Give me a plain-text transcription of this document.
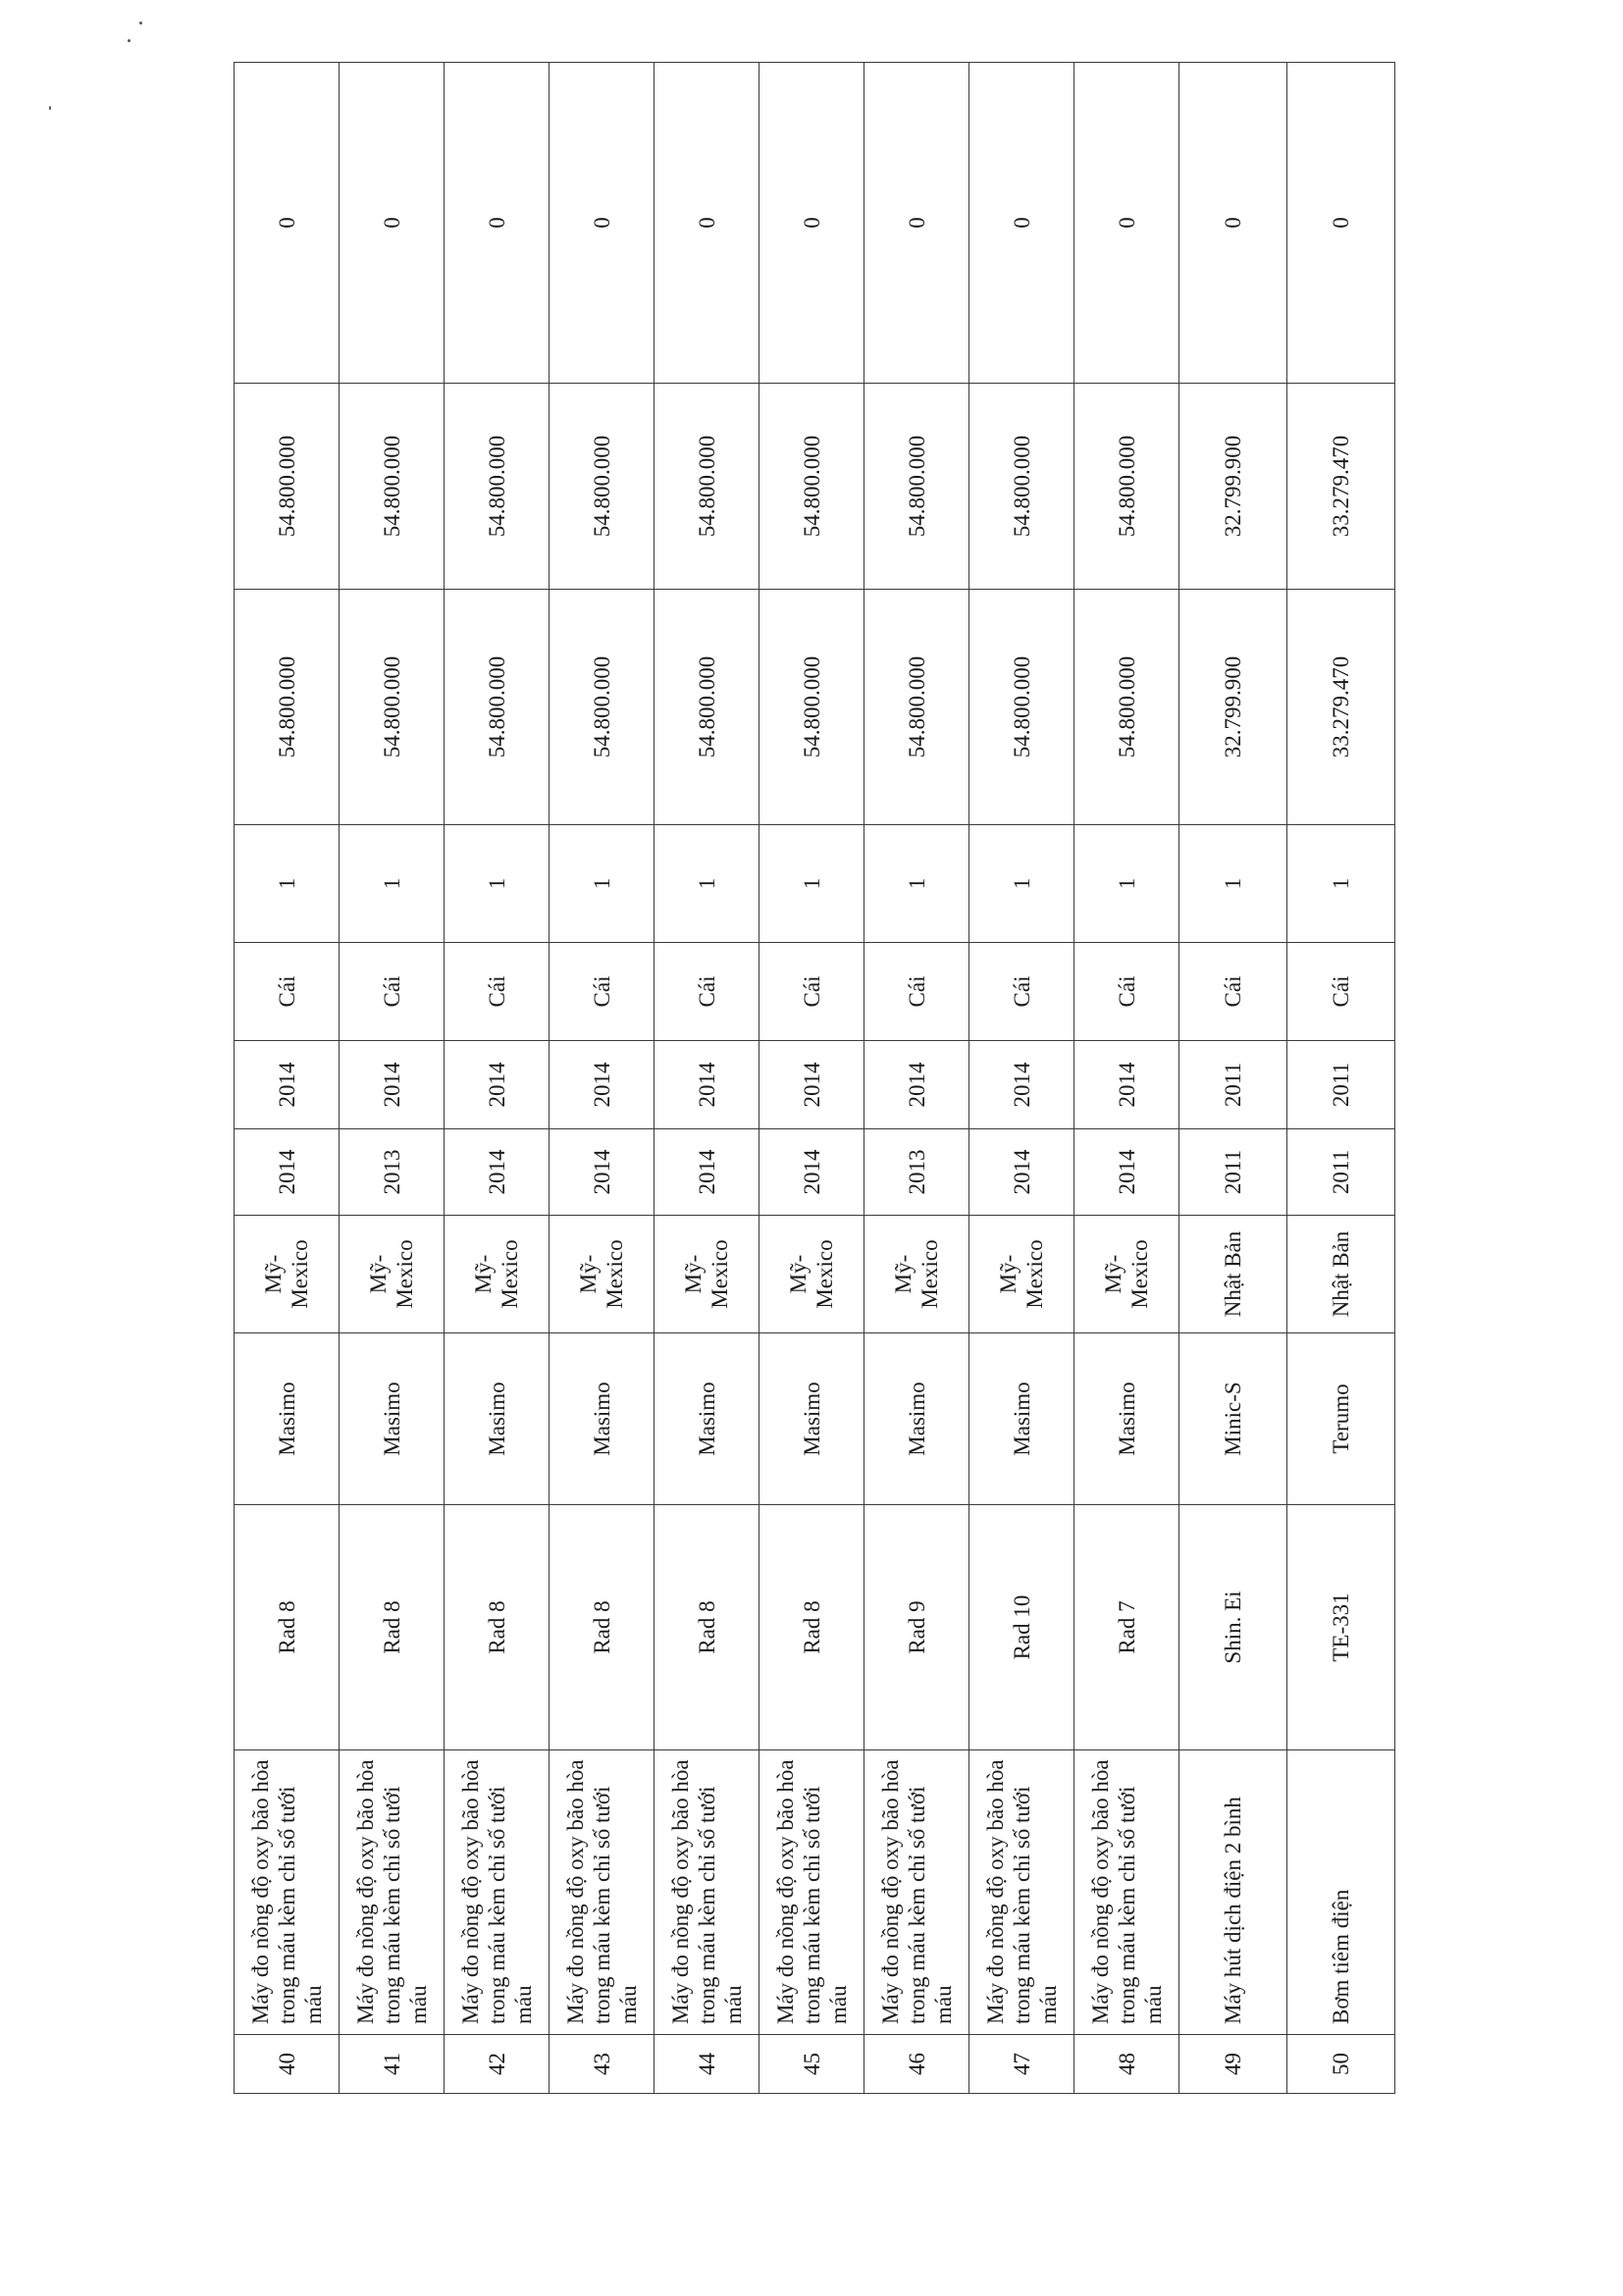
40	Máy đo nồng độ oxy bão hòa trong máu kèm chỉ số tưới máu	Rad 8	Masimo	Mỹ-Mexico	2014	2014	Cái	1	54.800.000	54.800.000	0
41	Máy đo nồng độ oxy bão hòa trong máu kèm chỉ số tưới máu	Rad 8	Masimo	Mỹ-Mexico	2013	2014	Cái	1	54.800.000	54.800.000	0
42	Máy đo nồng độ oxy bão hòa trong máu kèm chỉ số tưới máu	Rad 8	Masimo	Mỹ-Mexico	2014	2014	Cái	1	54.800.000	54.800.000	0
43	Máy đo nồng độ oxy bão hòa trong máu kèm chỉ số tưới máu	Rad 8	Masimo	Mỹ-Mexico	2014	2014	Cái	1	54.800.000	54.800.000	0
44	Máy đo nồng độ oxy bão hòa trong máu kèm chỉ số tưới máu	Rad 8	Masimo	Mỹ-Mexico	2014	2014	Cái	1	54.800.000	54.800.000	0
45	Máy đo nồng độ oxy bão hòa trong máu kèm chỉ số tưới máu	Rad 8	Masimo	Mỹ-Mexico	2014	2014	Cái	1	54.800.000	54.800.000	0
46	Máy đo nồng độ oxy bão hòa trong máu kèm chỉ số tưới máu	Rad 9	Masimo	Mỹ-Mexico	2013	2014	Cái	1	54.800.000	54.800.000	0
47	Máy đo nồng độ oxy bão hòa trong máu kèm chỉ số tưới máu	Rad 10	Masimo	Mỹ-Mexico	2014	2014	Cái	1	54.800.000	54.800.000	0
48	Máy đo nồng độ oxy bão hòa trong máu kèm chỉ số tưới máu	Rad 7	Masimo	Mỹ-Mexico	2014	2014	Cái	1	54.800.000	54.800.000	0
49	Máy hút dịch điện 2 bình	Shin. Ei	Minic-S	Nhật Bản	2011	2011	Cái	1	32.799.900	32.799.900	0
50	Bơm tiêm điện	TE-331	Terumo	Nhật Bản	2011	2011	Cái	1	33.279.470	33.279.470	0
